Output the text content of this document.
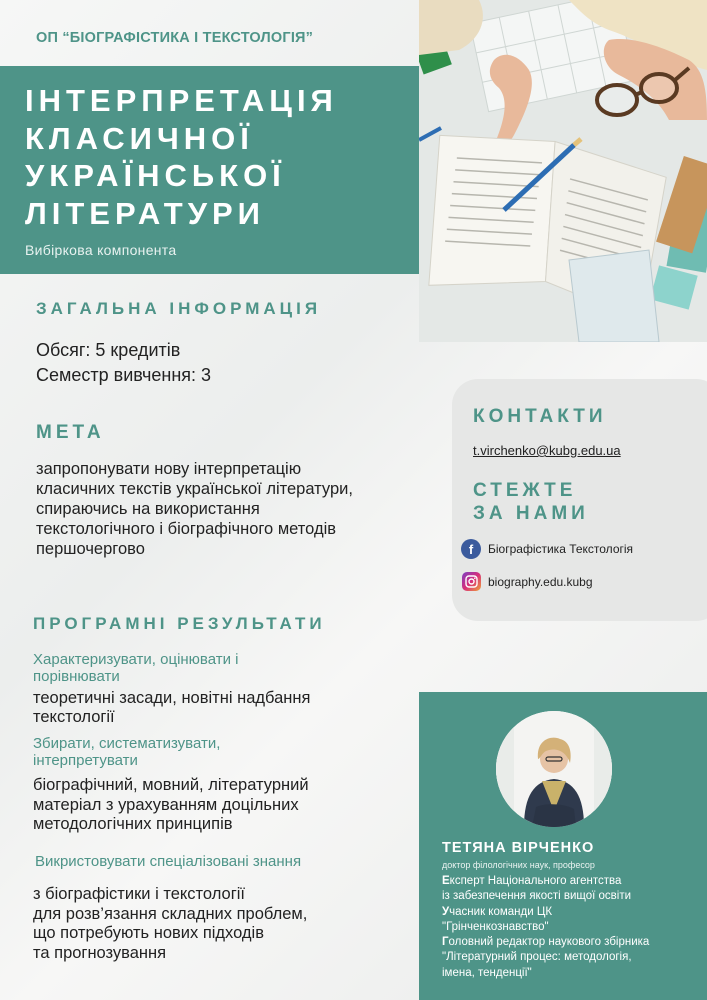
ОП “БІОГРАФІСТИКА І ТЕКСТОЛОГІЯ”
ІНТЕРПРЕТАЦІЯ
КЛАСИЧНОЇ
УКРАЇНСЬКОЇ
ЛІТЕРАТУРИ
Вибіркова компонента
ЗАГАЛЬНА ІНФОРМАЦІЯ
Обсяг: 5 кредитів
Семестр вивчення: 3
МЕТА
запропонувати нову інтерпретацію
класичних текстів української літератури,
спираючись на використання
текстологічного і біографічного методів
першочергово
ПРОГРАМНІ РЕЗУЛЬТАТИ
Характеризувати, оцінювати і
порівнювати
теоретичні засади, новітні надбання
текстології
Збирати, систематизувати,
інтерпретувати
біографічний, мовний, літературний
матеріал з урахуванням доцільних
методологічних принципів
Викристовувати спеціалізовані знання
з біографістики і текстології
для розв’язання складних проблем,
що потребують нових підходів
та прогнозування
КОНТАКТИ
t.virchenko@kubg.edu.ua
СТЕЖТЕ
ЗА НАМИ
f	Біографістика Текстологія
biography.edu.kubg
ТЕТЯНА ВІРЧЕНКО
доктор філологічних наук, професор
Експерт Національного агентства
із забезпечення якості вищої освіти
Учасник команди ЦК
"Грінченкознавство"
Головний редактор наукового збірника
"Літературний процес: методологія,
імена, тенденції"
